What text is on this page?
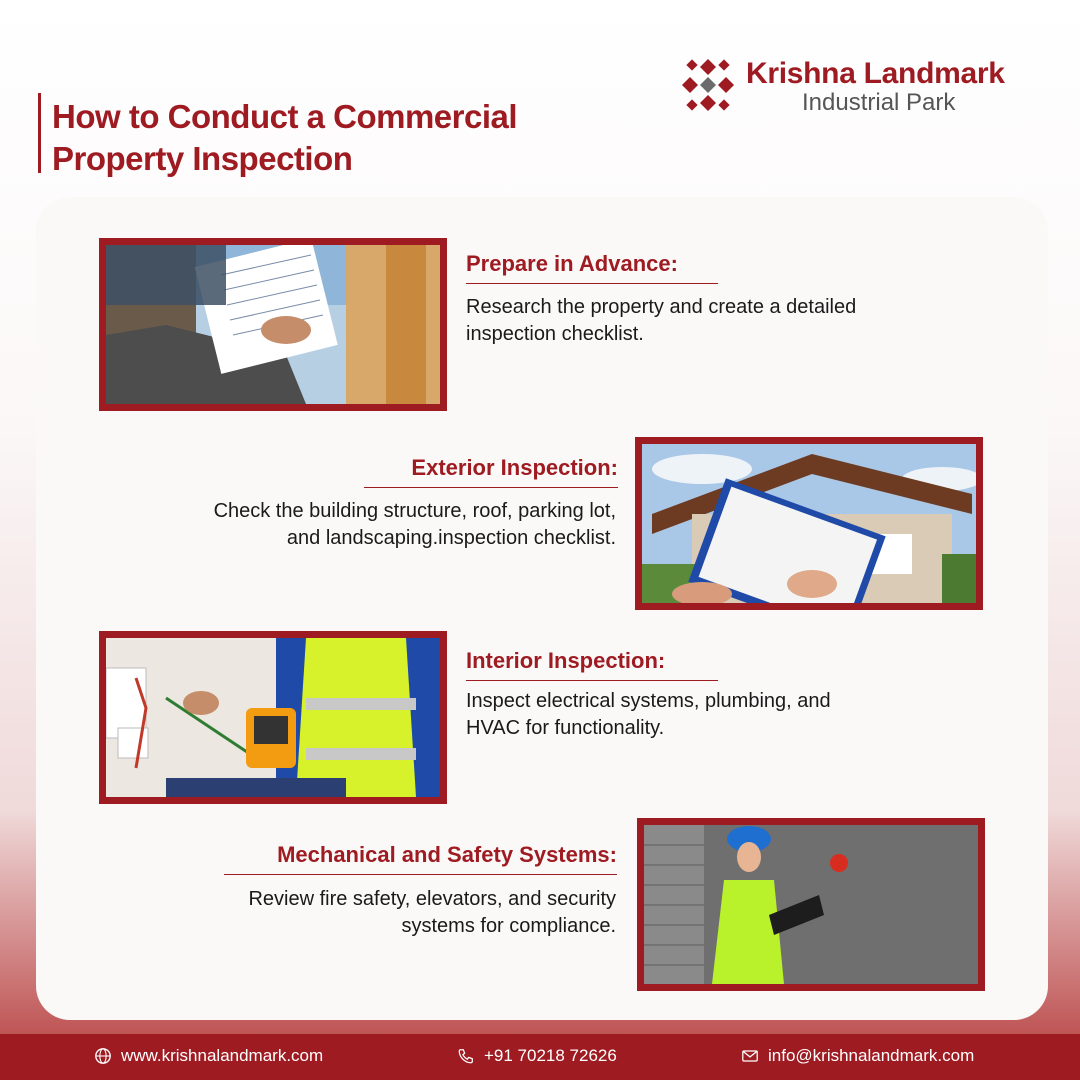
How to Conduct a Commercial
Property Inspection
Krishna Landmark
Industrial Park
Prepare in Advance:
Research the property and create a detailed
inspection checklist.
Exterior Inspection:
Check the building structure, roof, parking lot,
and landscaping.inspection checklist.
Interior Inspection:
Inspect electrical systems, plumbing, and
HVAC for functionality.
Mechanical and Safety Systems:
Review fire safety, elevators, and security
systems for compliance.
www.krishnalandmark.com	+91 70218 72626	info@krishnalandmark.com
